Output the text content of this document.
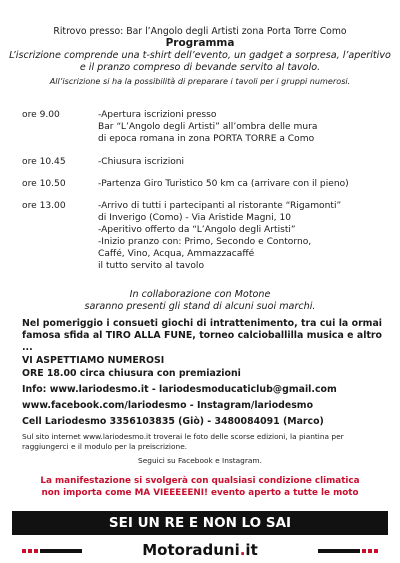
Ritrovo presso: Bar l’Angolo degli Artisti zona Porta Torre Como
Programma
L’iscrizione comprende una t-shirt dell’evento, un gadget a sorpresa, l’aperitivo e il pranzo compreso di bevande servito al tavolo.
All’iscrizione si ha la possibilità di preparare i tavoli per i gruppi numerosi.
ore 9.00	-Apertura iscrizioni presso
Bar “L’Angolo degli Artisti” all’ombra delle mura
di epoca romana in zona PORTA TORRE a Como
ore 10.45	-Chiusura iscrizioni
ore 10.50	-Partenza Giro Turistico 50 km ca (arrivare con il pieno)
ore 13.00	-Arrivo di tutti i partecipanti al ristorante “Rigamonti”
di Inverigo (Como) - Via Aristide Magni, 10
-Aperitivo offerto da “L’Angolo degli Artisti”
-Inizio pranzo con: Primo, Secondo e Contorno,
Caffé, Vino, Acqua, Ammazzacaffé
il tutto servito al tavolo
In collaborazione con Motone
saranno presenti gli stand di alcuni suoi marchi.
Nel pomeriggio i consueti giochi di intrattenimento, tra cui la ormai famosa sfida al TIRO ALLA FUNE, torneo calcioballilla musica e altro ...
VI ASPETTIAMO NUMEROSI
ORE 18.00 circa chiusura con premiazioni
Info: www.lariodesmo.it - lariodesmoducaticlub@gmail.com
www.facebook.com/lariodesmo - Instagram/lariodesmo
Cell Lariodesmo 3356103835 (Giò) - 3480084091 (Marco)
Sul sito internet www.lariodesmo.it troverai le foto delle scorse edizioni, la piantina per raggiungerci e il modulo per la preiscrizione.
Seguici su Facebook e Instagram.
La manifestazione si svolgerà con qualsiasi condizione climatica
non importa come MA VIEEEEENI! evento aperto a tutte le moto
SEI UN RE E NON LO SAI
Motoraduni.it
